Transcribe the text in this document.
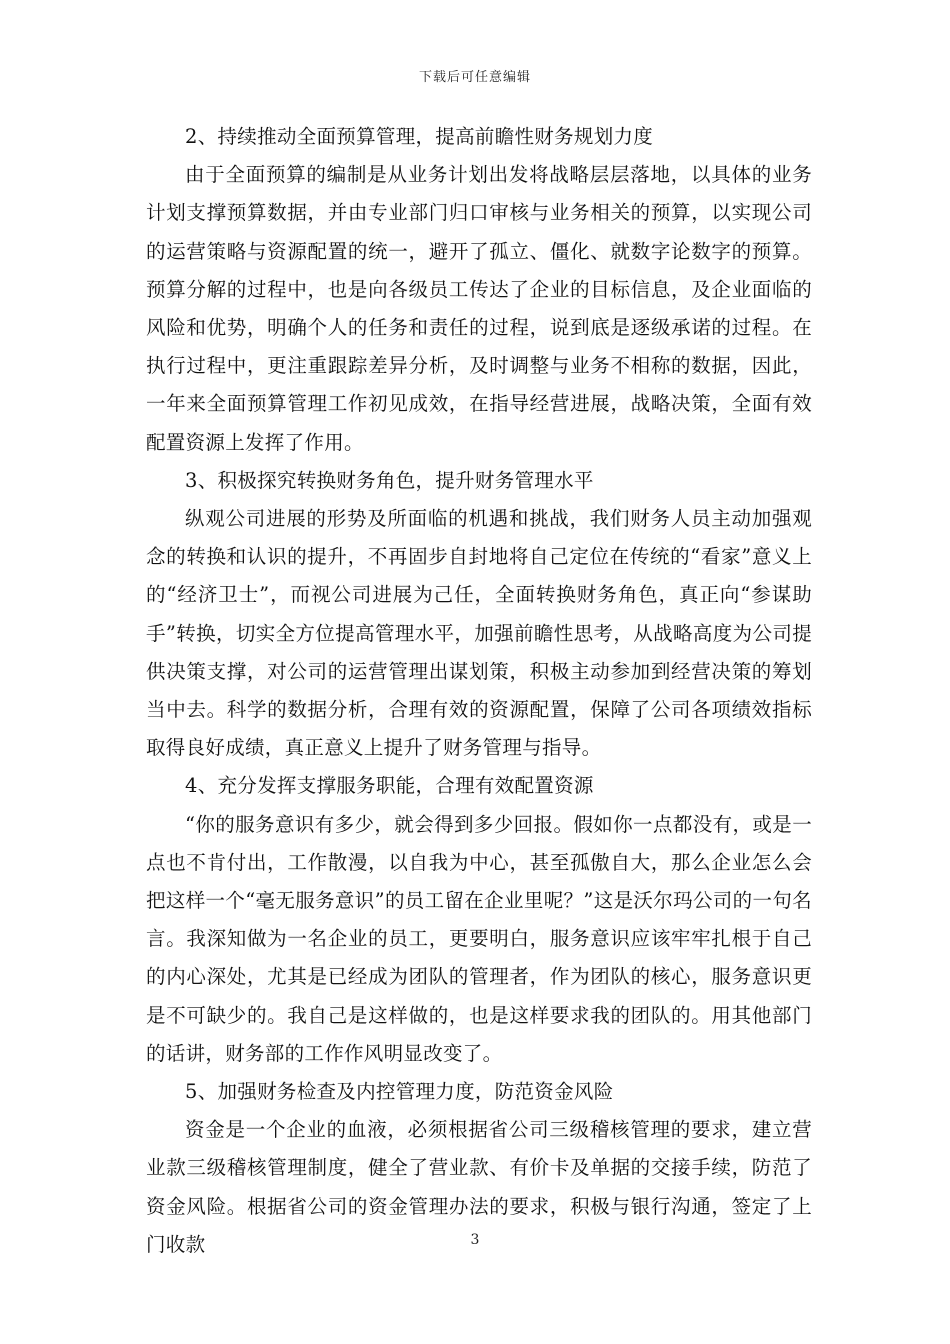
下载后可任意编辑

2、持续推动全面预算管理，提高前瞻性财务规划力度

由于全面预算的编制是从业务计划出发将战略层层落地，以具体的业务计划支撑预算数据，并由专业部门归口审核与业务相关的预算，以实现公司的运营策略与资源配置的统一，避开了孤立、僵化、就数字论数字的预算。预算分解的过程中，也是向各级员工传达了企业的目标信息，及企业面临的风险和优势，明确个人的任务和责任的过程，说到底是逐级承诺的过程。在执行过程中，更注重跟踪差异分析，及时调整与业务不相称的数据，因此，一年来全面预算管理工作初见成效，在指导经营进展，战略决策，全面有效配置资源上发挥了作用。

3、积极探究转换财务角色，提升财务管理水平

纵观公司进展的形势及所面临的机遇和挑战，我们财务人员主动加强观念的转换和认识的提升，不再固步自封地将自己定位在传统的“看家”意义上的“经济卫士”，而视公司进展为己任，全面转换财务角色，真正向“参谋助手”转换，切实全方位提高管理水平，加强前瞻性思考，从战略高度为公司提供决策支撑，对公司的运营管理出谋划策，积极主动参加到经营决策的筹划当中去。科学的数据分析，合理有效的资源配置，保障了公司各项绩效指标取得良好成绩，真正意义上提升了财务管理与指导。

4、充分发挥支撑服务职能，合理有效配置资源

“你的服务意识有多少，就会得到多少回报。假如你一点都没有，或是一点也不肯付出，工作散漫，以自我为中心，甚至孤傲自大，那么企业怎么会把这样一个“毫无服务意识”的员工留在企业里呢？”这是沃尔玛公司的一句名言。我深知做为一名企业的员工，更要明白，服务意识应该牢牢扎根于自己的内心深处，尤其是已经成为团队的管理者，作为团队的核心，服务意识更是不可缺少的。我自己是这样做的，也是这样要求我的团队的。用其他部门的话讲，财务部的工作作风明显改变了。

5、加强财务检查及内控管理力度，防范资金风险

资金是一个企业的血液，必须根据省公司三级稽核管理的要求，建立营业款三级稽核管理制度，健全了营业款、有价卡及单据的交接手续，防范了资金风险。根据省公司的资金管理办法的要求，积极与银行沟通，签定了上门收款	3
